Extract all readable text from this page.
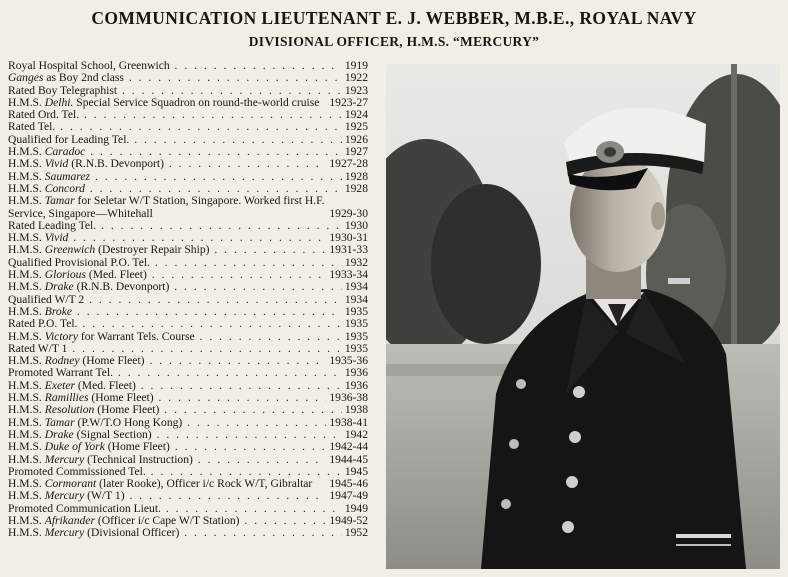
COMMUNICATION LIEUTENANT E. J. WEBBER, M.B.E., ROYAL NAVY
DIVISIONAL OFFICER, H.M.S. “MERCURY”
Royal Hospital School, Greenwich . . .	1919
Ganges as Boy 2nd class . . .	1922
Rated Boy Telegraphist . . .	1923
H.M.S. Delhi. Special Service Squadron on round-the-world cruise 1923-27
Rated Ord. Tel. . . .	1924
Rated Tel. . . .	1925
Qualified for Leading Tel. . . .	1926
H.M.S. Caradoc . . .	1927
H.M.S. Vivid (R.N.B. Devonport) . . .	1927-28
H.M.S. Saumarez . . .	1928
H.M.S. Concord . . .	1928
H.M.S. Tamar for Seletar W/T Station, Singapore. Worked first H.F. Service, Singapore—Whitehall	1929-30
Rated Leading Tel. . . .	1930
H.M.S. Vivid . . .	1930-31
H.M.S. Greenwich (Destroyer Repair Ship) . . .	1931-33
Qualified Provisional P.O. Tel. . . .	1932
H.M.S. Glorious (Med. Fleet) . . .	1933-34
H.M.S. Drake (R.N.B. Devonport) . . .	1934
Qualified W/T 2 . . .	1934
H.M.S. Broke . . .	1935
Rated P.O. Tel. . . .	1935
H.M.S. Victory for Warrant Tels. Course . . .	1935
Rated W/T 1 . . .	1935
H.M.S. Rodney (Home Fleet) . . .	1935-36
Promoted Warrant Tel. . . .	1936
H.M.S. Exeter (Med. Fleet) . . .	1936
H.M.S. Ramillies (Home Fleet) . . .	1936-38
H.M.S. Resolution (Home Fleet) . . .	1938
H.M.S. Tamar (P.W/T.O Hong Kong) . . .	1938-41
H.M.S. Drake (Signal Section) . . .	1942
H.M.S. Duke of York (Home Fleet) . . .	1942-44
H.M.S. Mercury (Technical Instruction) . . .	1944-45
Promoted Commissioned Tel. . . .	1945
H.M.S. Cormorant (later Rooke), Officer i/c Rock W/T, Gibraltar	1945-46
H.M.S. Mercury (W/T 1) . . .	1947-49
Promoted Communication Lieut. . . .	1949
H.M.S. Afrikander (Officer i/c Cape W/T Station) . . .	1949-52
H.M.S. Mercury (Divisional Officer) . . .	1952
